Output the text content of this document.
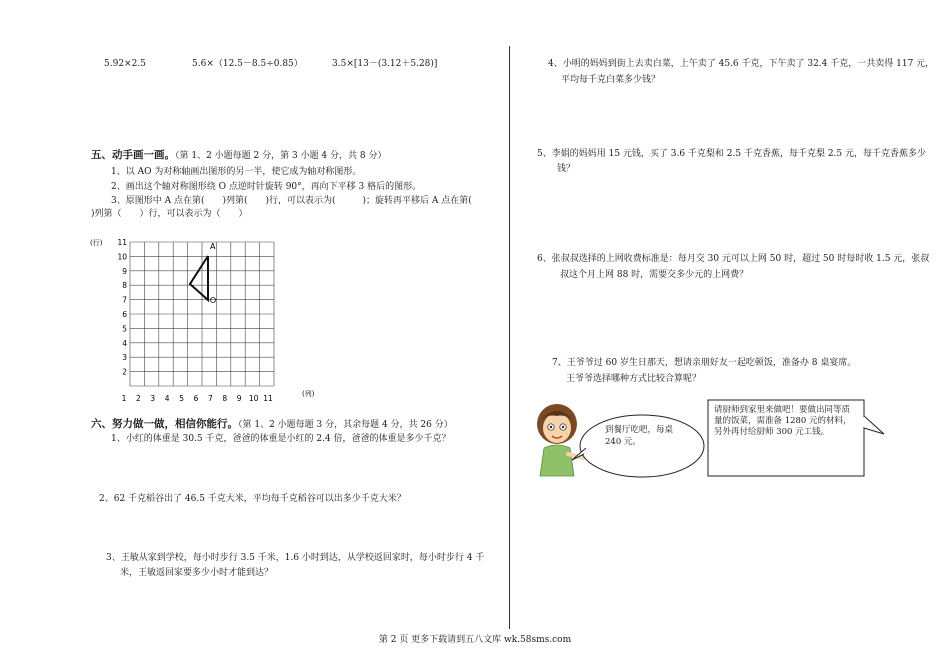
5.92×2.5	5.6×（12.5－8.5÷0.85）	3.5×[13－(3.12＋5.28)]
五、动手画一画。（第 1、2 小题每题 2 分，第 3 小题 4 分，共 8 分）
1、以 AO 为对称轴画出图形的另一半，使它成为轴对称图形。
2、画出这个轴对称图形绕 O 点逆时针旋转 90°，再向下平移 3 格后的图形。
3、原图形中 A 点在第(　　)列第(　　)行，可以表示为(　　　)；旋转再平移后 A 点在第(
)列第（　　）行，可以表示为（　　）
(行) 11
10
9
8
7
6
5
4
3
2
1 2 3 4 5 6 7 8 9 10 11	(列)
A
六、努力做一做，相信你能行。（第 1、2 小题每题 3 分，其余每题 4 分，共 26 分）
1、小红的体重是 30.5 千克，爸爸的体重是小红的 2.4 倍，爸爸的体重是多少千克？
2、62 千克稻谷出了 46.5 千克大米，平均每千克稻谷可以出多少千克大米？
3、王敏从家到学校，每小时步行 3.5 千米，1.6 小时到达，从学校返回家时，每小时步行 4 千
米，王敏返回家要多少小时才能到达？
4、小明的妈妈到街上去卖白菜，上午卖了 45.6 千克，下午卖了 32.4 千克，一共卖得 117 元，
平均每千克白菜多少钱？
5、李娟的妈妈用 15 元钱，买了 3.6 千克梨和 2.5 千克香蕉，每千克梨 2.5 元，每千克香蕉多少
钱？
6、张叔叔选择的上网收费标准是：每月交 30 元可以上网 50 时，超过 50 时每时收 1.5 元，张叔
叔这个月上网 88 时，需要交多少元的上网费？
7、王爷爷过 60 岁生日那天，想请亲朋好友一起吃顿饭，准备办 8 桌宴席。
王爷爷选择哪种方式比较合算呢？
到餐厅吃吧，每桌 240 元。
请厨师到家里来做吧！要做出同等质量的饭菜，需准备 1280 元的材料，另外再付给厨师 300 元工钱。
第 2 页 更多下载请到五八文库 wk.58sms.com
